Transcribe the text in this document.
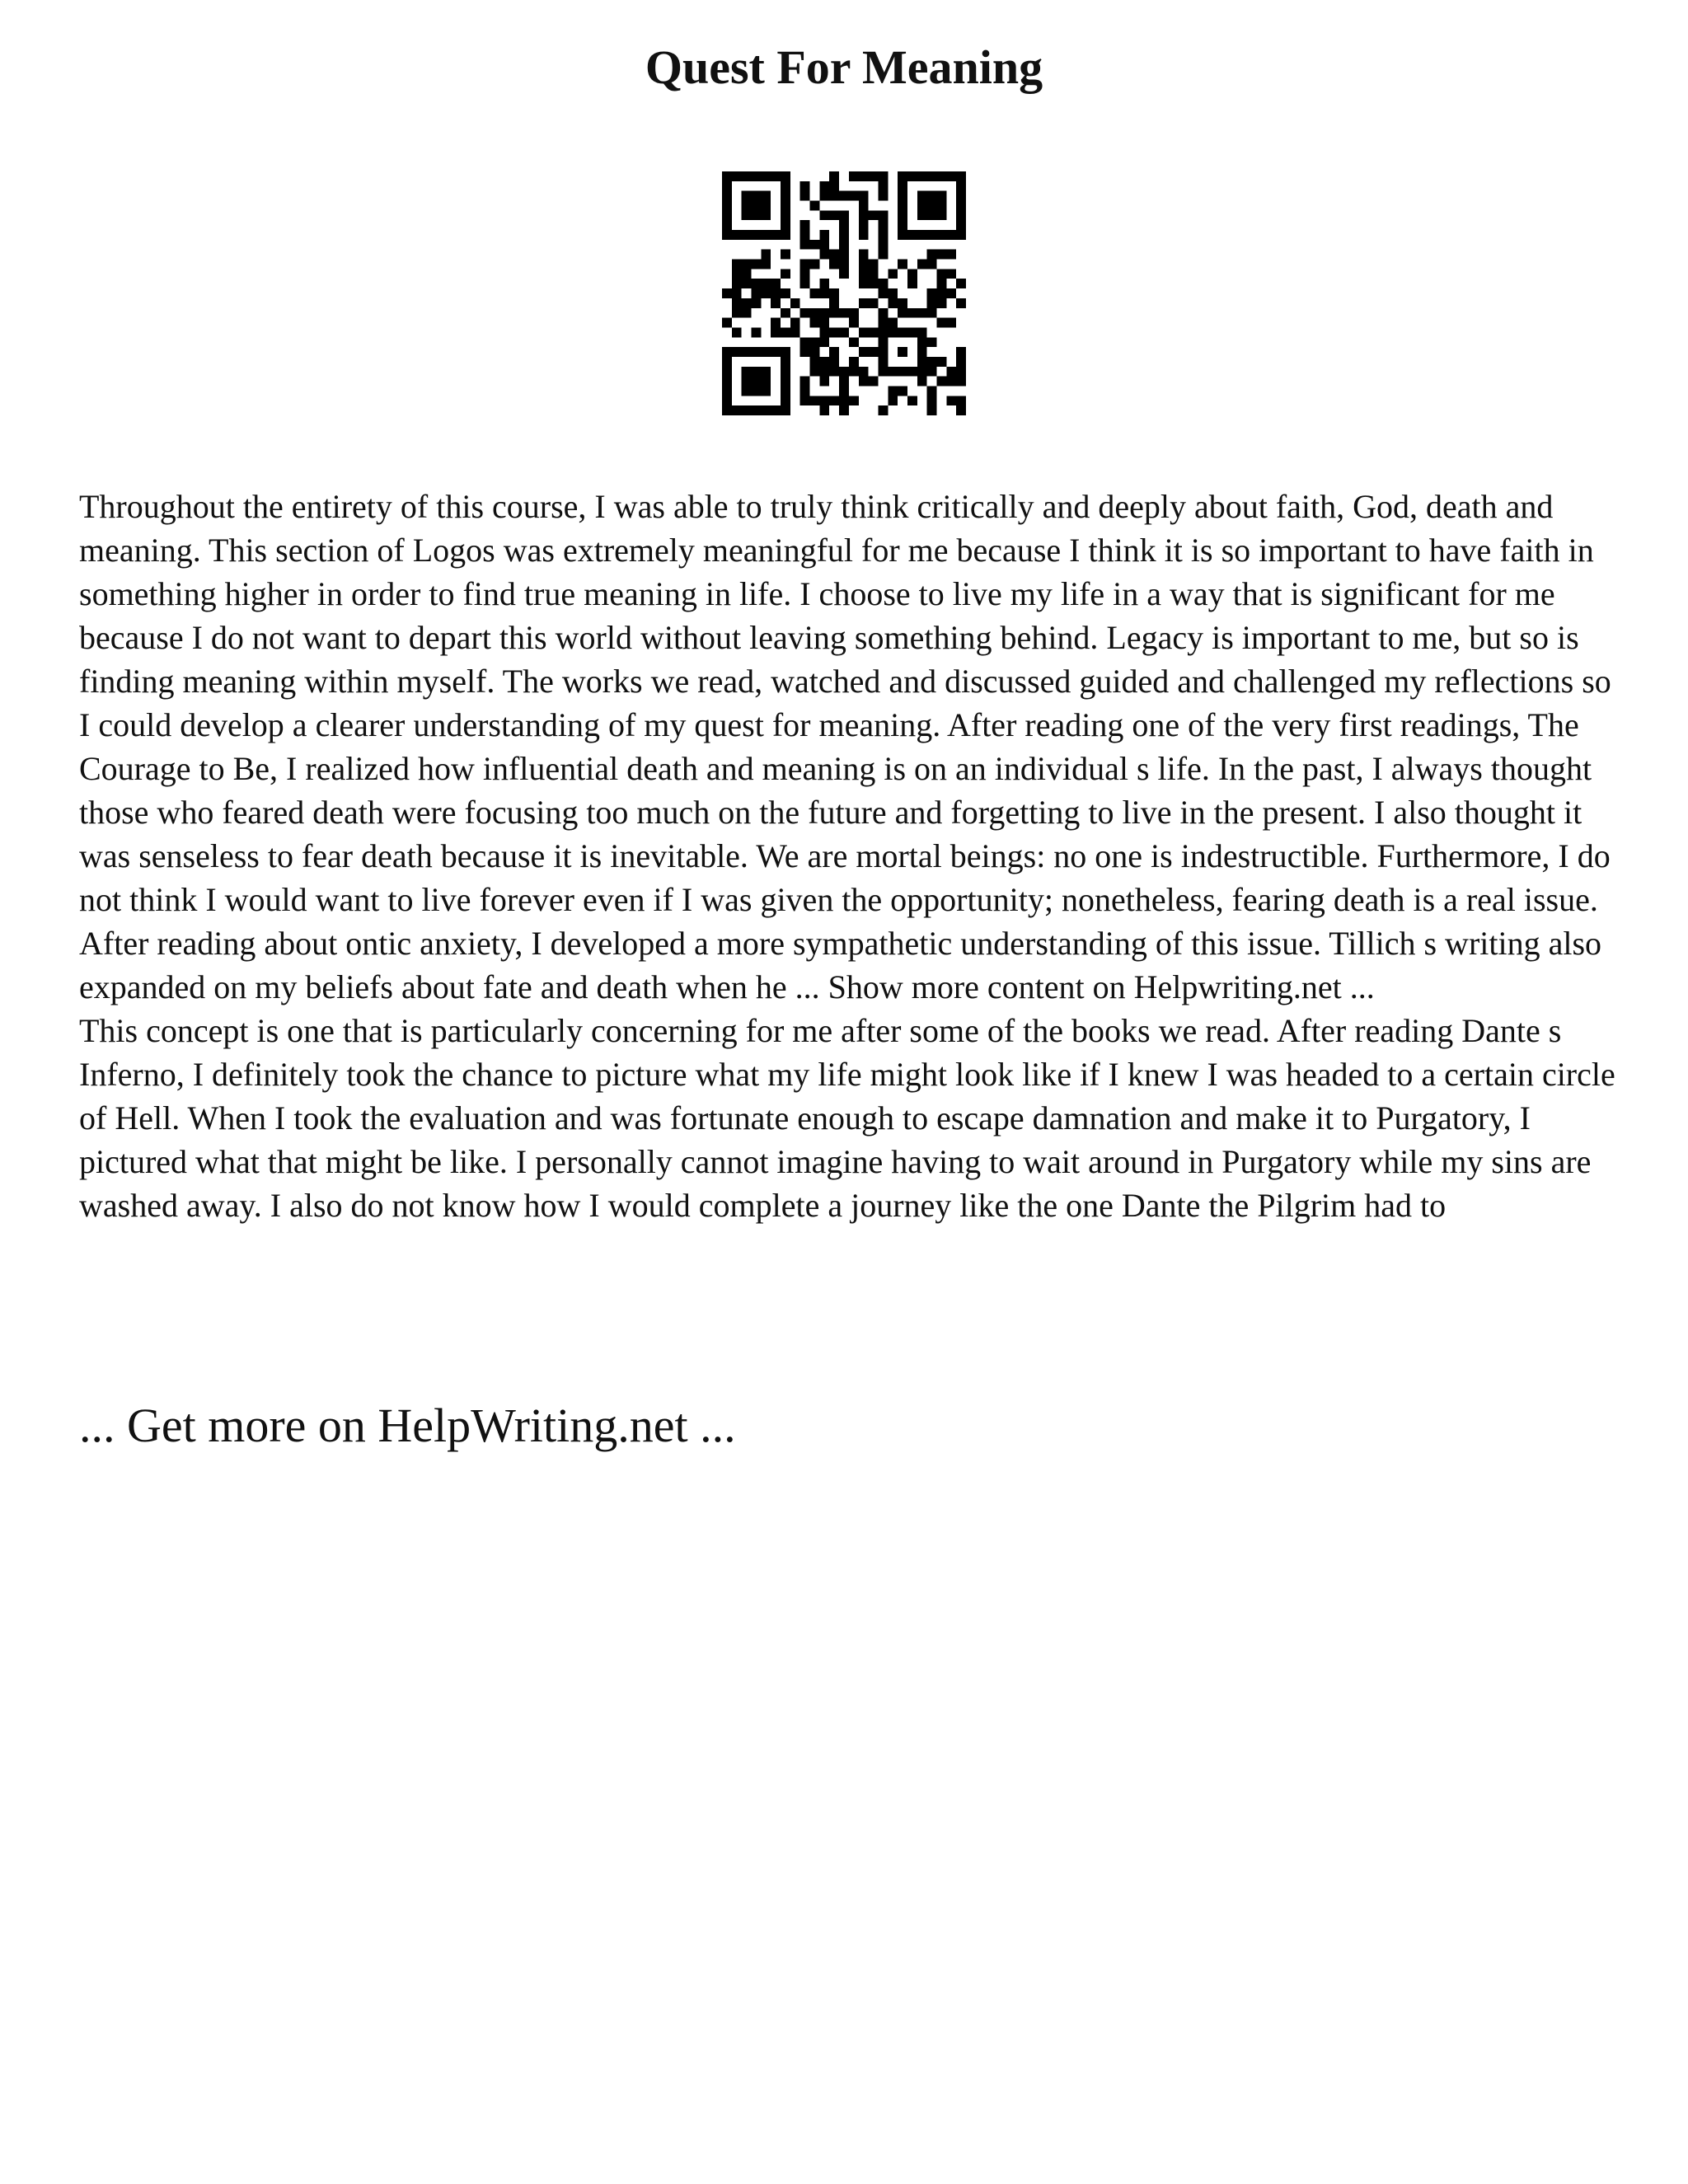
Quest For Meaning

Throughout the entirety of this course, I was able to truly think critically and deeply about faith, God, death and meaning. This section of Logos was extremely meaningful for me because I think it is so important to have faith in something higher in order to find true meaning in life. I choose to live my life in a way that is significant for me because I do not want to depart this world without leaving something behind. Legacy is important to me, but so is finding meaning within myself. The works we read, watched and discussed guided and challenged my reflections so I could develop a clearer understanding of my quest for meaning. After reading one of the very first readings, The Courage to Be, I realized how influential death and meaning is on an individual s life. In the past, I always thought those who feared death were focusing too much on the future and forgetting to live in the present. I also thought it was senseless to fear death because it is inevitable. We are mortal beings: no one is indestructible. Furthermore, I do not think I would want to live forever even if I was given the opportunity; nonetheless, fearing death is a real issue. After reading about ontic anxiety, I developed a more sympathetic understanding of this issue. Tillich s writing also expanded on my beliefs about fate and death when he ... Show more content on Helpwriting.net ...

This concept is one that is particularly concerning for me after some of the books we read. After reading Dante s Inferno, I definitely took the chance to picture what my life might look like if I knew I was headed to a certain circle of Hell. When I took the evaluation and was fortunate enough to escape damnation and make it to Purgatory, I pictured what that might be like. I personally cannot imagine having to wait around in Purgatory while my sins are washed away. I also do not know how I would complete a journey like the one Dante the Pilgrim had to

... Get more on HelpWriting.net ...
